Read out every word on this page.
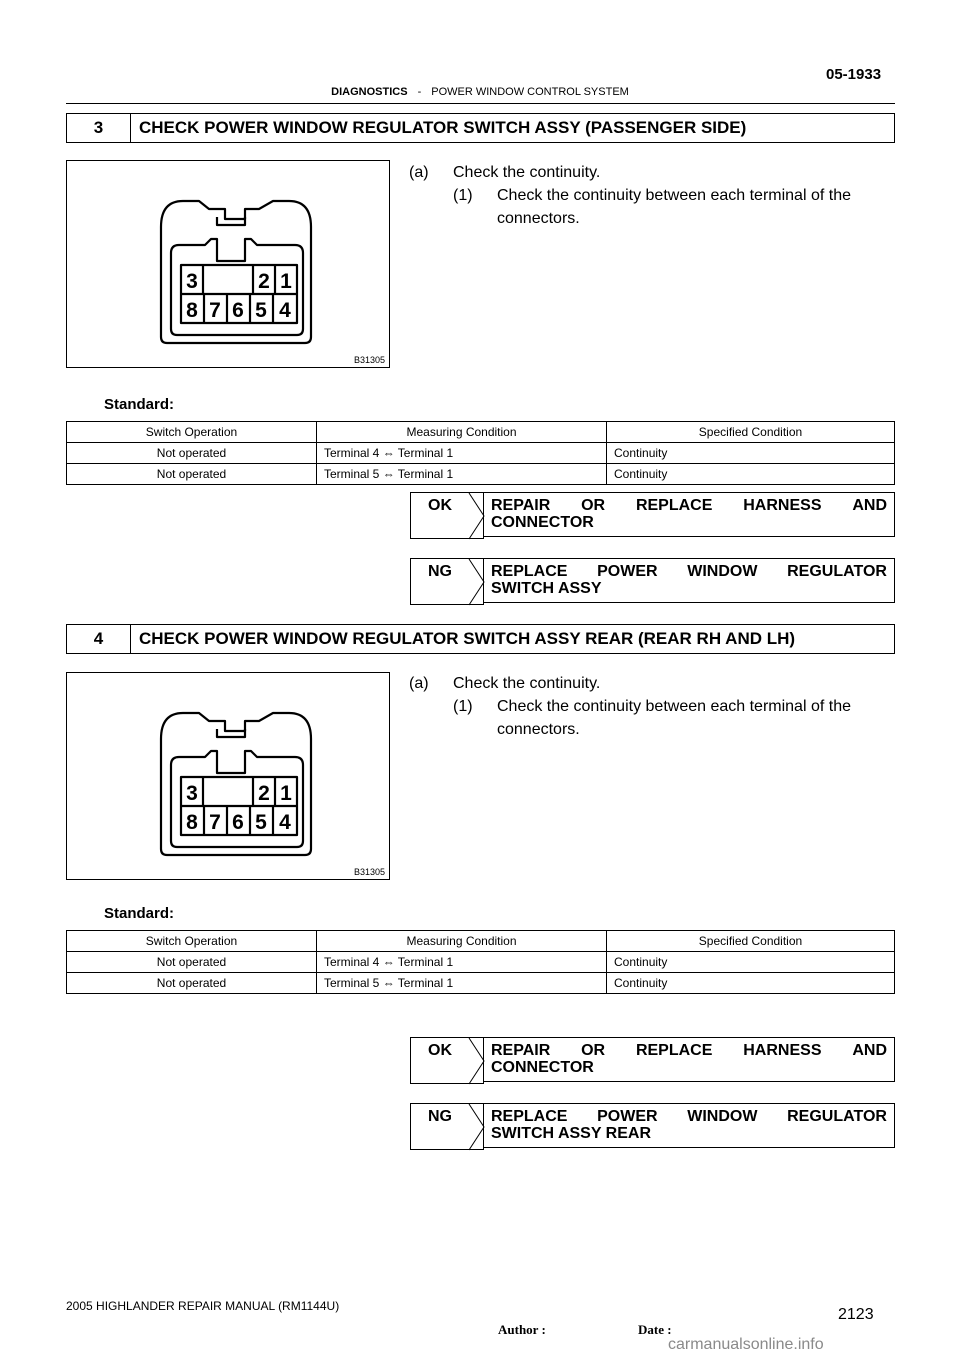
05-1933
DIAGNOSTICS - POWER WINDOW CONTROL SYSTEM
3	CHECK POWER WINDOW REGULATOR SWITCH ASSY (PASSENGER SIDE)
3	2 1
8 7 6 5 4
B31305
(a) Check the continuity.
(1) Check the continuity between each terminal of the
connectors.
Standard:
Switch Operation	Measuring Condition	Specified Condition
Not operated	Terminal 4 ⇔ Terminal 1	Continuity
Not operated	Terminal 5 ⇔ Terminal 1	Continuity
OK	REPAIR OR REPLACE HARNESS AND
CONNECTOR
NG	REPLACE POWER WINDOW REGULATOR
SWITCH ASSY
4	CHECK POWER WINDOW REGULATOR SWITCH ASSY REAR (REAR RH AND LH)
3	2 1
8 7 6 5 4
B31305
(a) Check the continuity.
(1) Check the continuity between each terminal of the
connectors.
Standard:
Switch Operation	Measuring Condition	Specified Condition
Not operated	Terminal 4 ⇔ Terminal 1	Continuity
Not operated	Terminal 5 ⇔ Terminal 1	Continuity
OK	REPAIR OR REPLACE HARNESS AND
CONNECTOR
NG	REPLACE POWER WINDOW REGULATOR
SWITCH ASSY REAR
2005 HIGHLANDER REPAIR MANUAL (RM1144U)	2123
Author :	Date :
carmanualsonline.info
